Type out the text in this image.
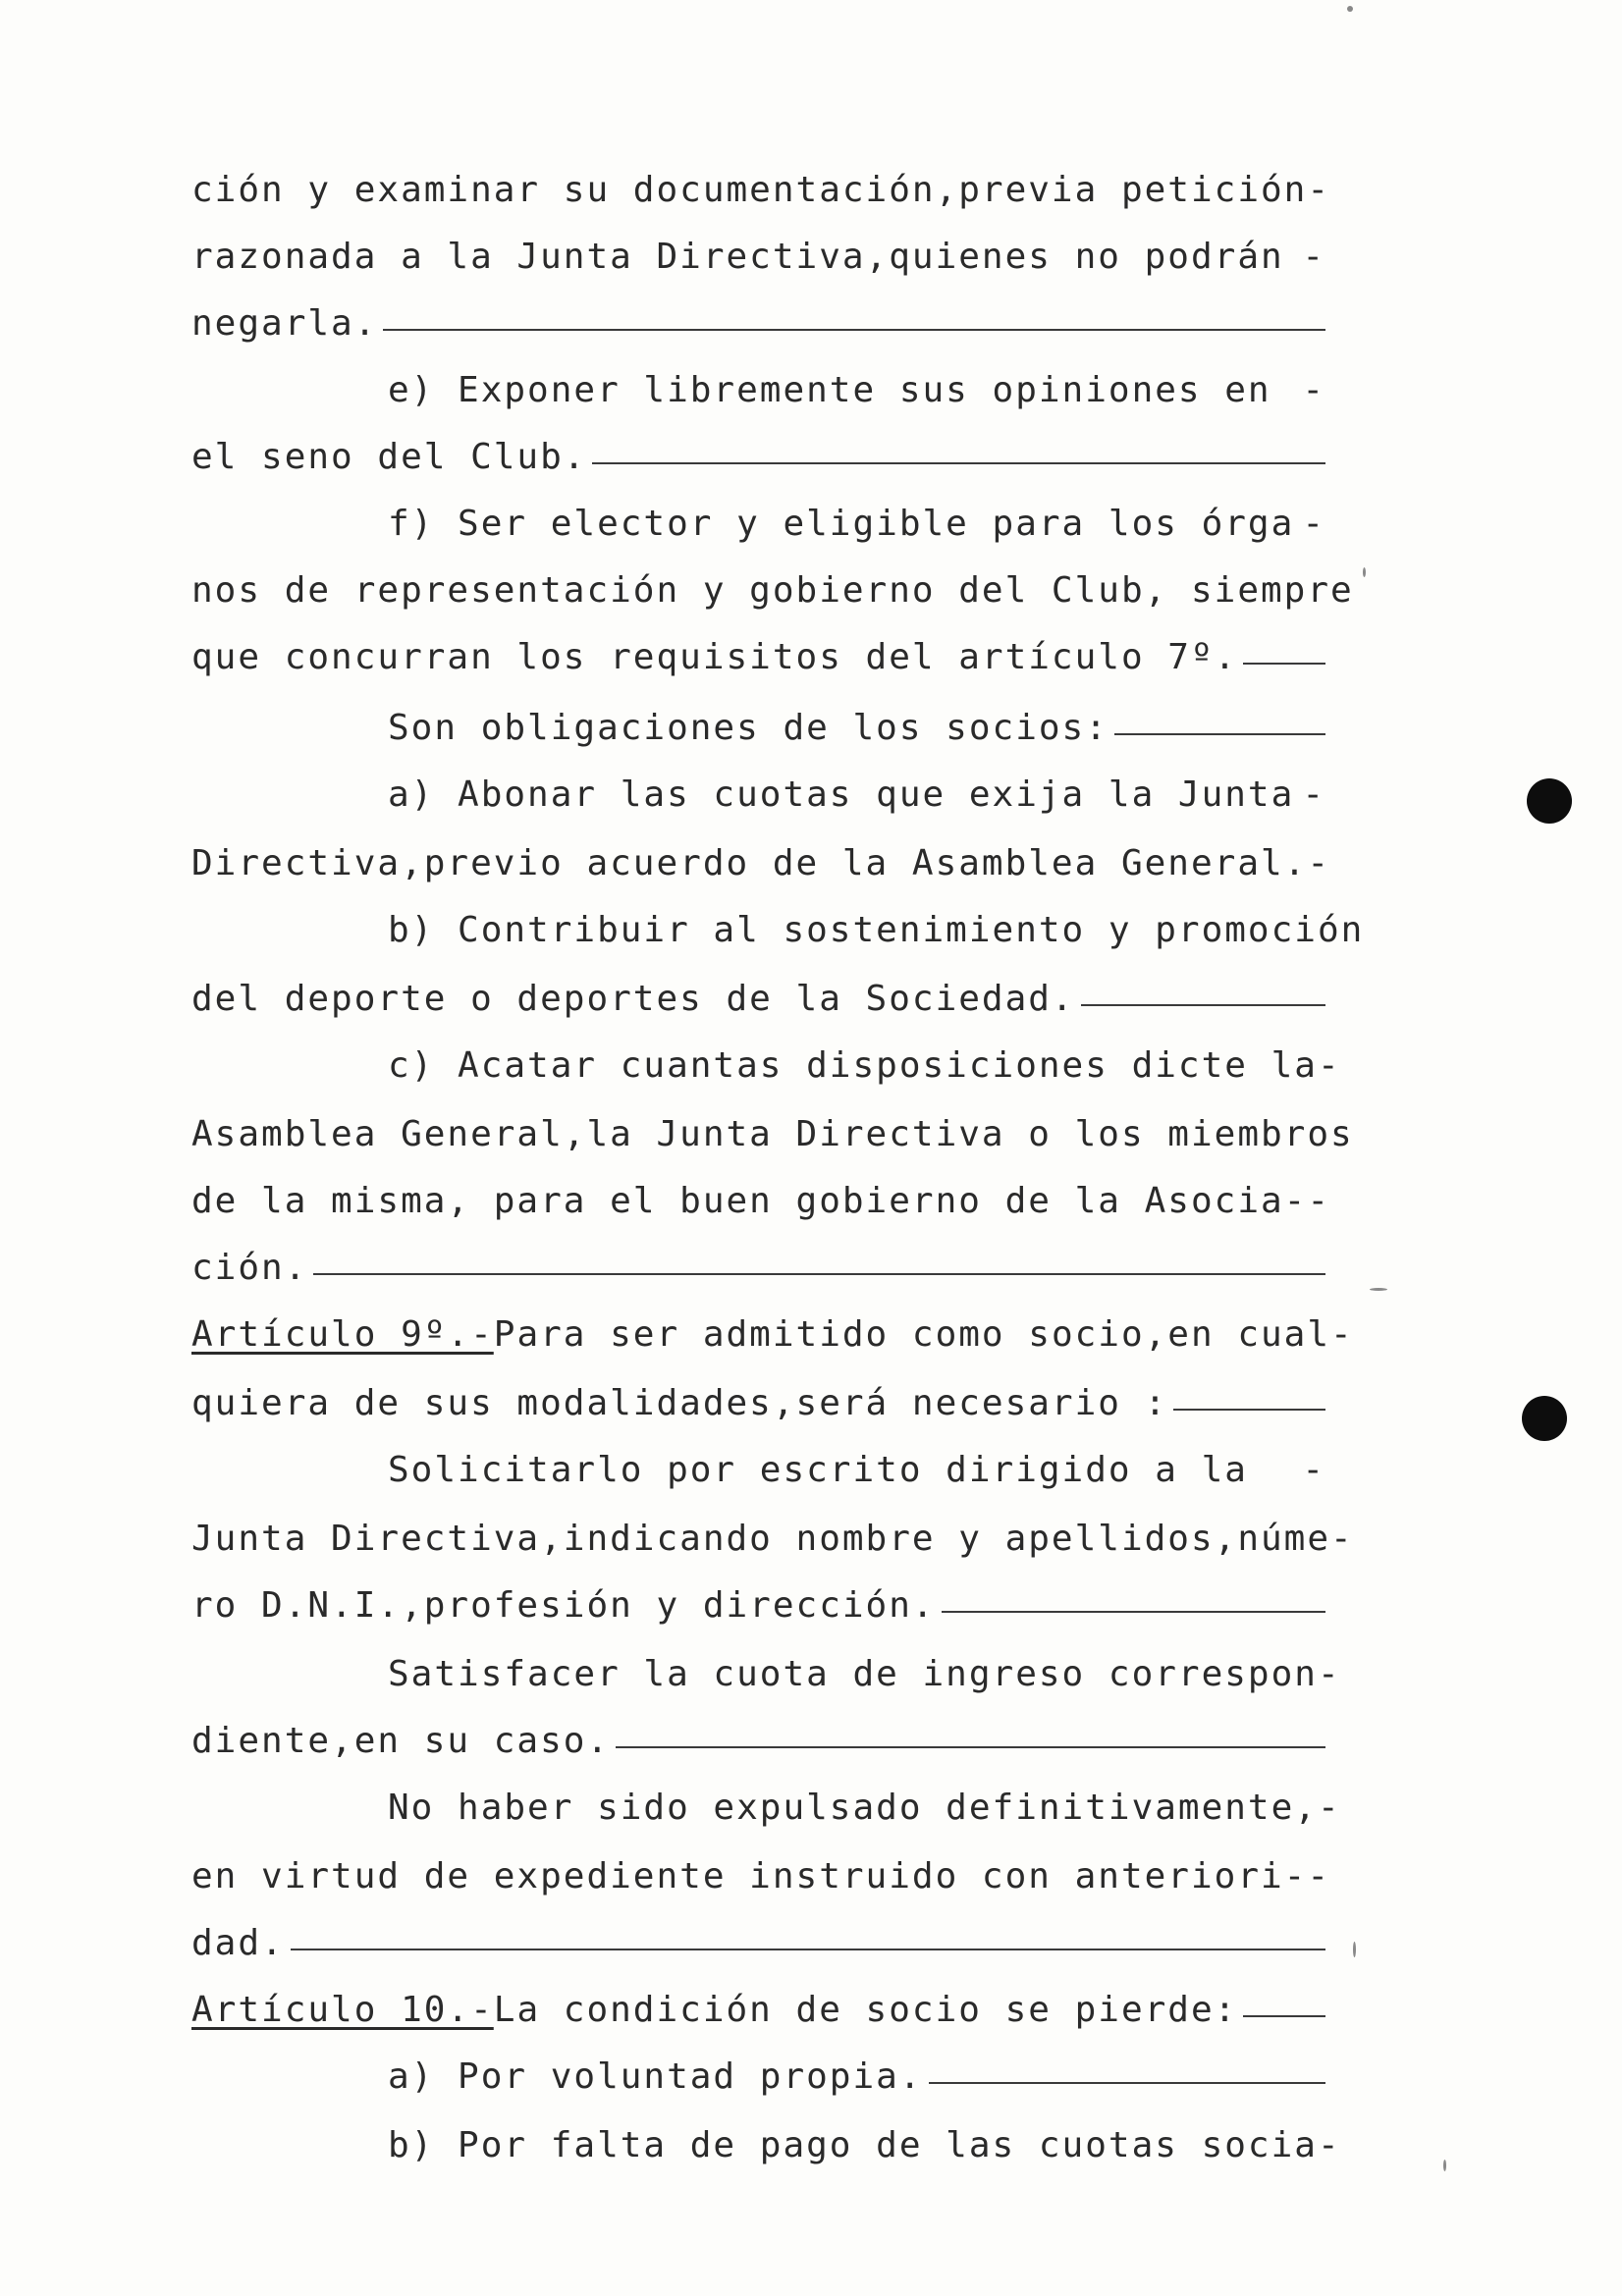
ción y examinar su documentación,previa petición -
razonada a la Junta Directiva,quienes no podrán -
negarla.
e) Exponer libremente sus opiniones en -
el seno del Club.
f) Ser elector y eligible para los órga -
nos de representación y gobierno del Club, siempre
que concurran los requisitos del artículo 7º.
Son obligaciones de los socios:
a) Abonar las cuotas que exija la Junta -
Directiva,previo acuerdo de la Asamblea General. -
b) Contribuir al sostenimiento y promoción
del deporte o deportes de la Sociedad.
c) Acatar cuantas disposiciones dicte la-
Asamblea General,la Junta Directiva o los miembros
de la misma, para el buen gobierno de la Asocia- -
ción.
Artículo 9º.- Para ser admitido como socio,en cual-
quiera de sus modalidades,será necesario :
Solicitarlo por escrito dirigido a la -
Junta Directiva,indicando nombre y apellidos,núme-
ro D.N.I.,profesión y dirección.
Satisfacer la cuota de ingreso correspon-
diente,en su caso.
No haber sido expulsado definitivamente,-
en virtud de expediente instruido con anteriori- -
dad.
Artículo 10.- La condición de socio se pierde:
a) Por voluntad propia.
b) Por falta de pago de las cuotas socia-
